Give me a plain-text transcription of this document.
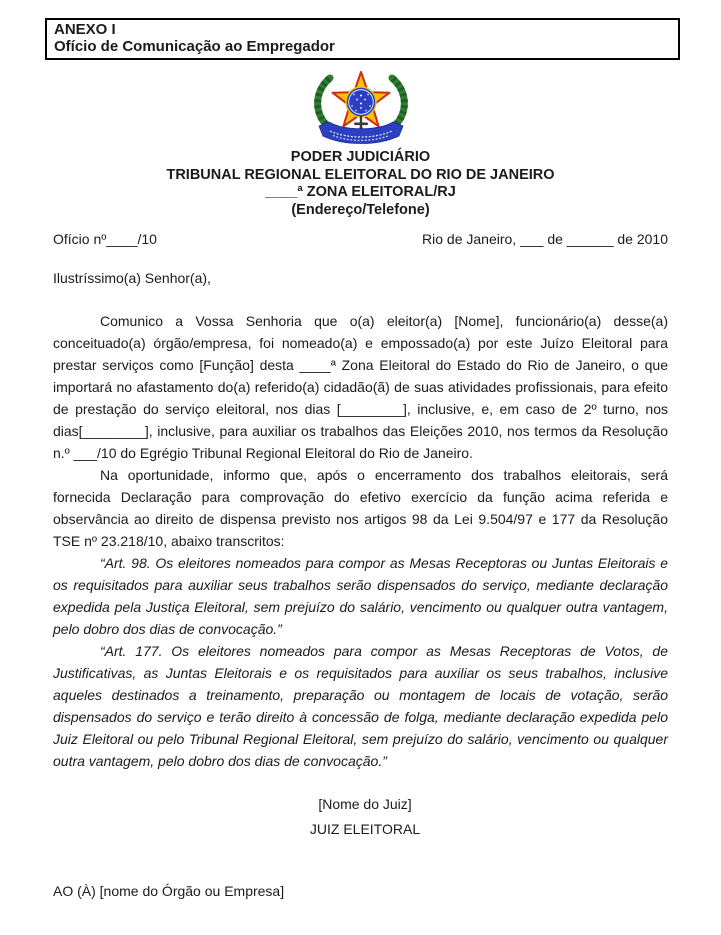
ANEXO I
Ofício de Comunicação ao Empregador
PODER JUDICIÁRIO
TRIBUNAL REGIONAL ELEITORAL DO RIO DE JANEIRO
____ª ZONA ELEITORAL/RJ
(Endereço/Telefone)
Ofício nº____/10	Rio de Janeiro, ___ de ______ de 2010
Ilustríssimo(a) Senhor(a),

Comunico a Vossa Senhoria que o(a) eleitor(a) [Nome], funcionário(a) desse(a) conceituado(a) órgão/empresa, foi nomeado(a) e empossado(a) por este Juízo Eleitoral para prestar serviços como [Função] desta ____ª Zona Eleitoral do Estado do Rio de Janeiro, o que importará no afastamento do(a) referido(a) cidadão(ã) de suas atividades profissionais, para efeito de prestação do serviço eleitoral, nos dias [________], inclusive, e, em caso de 2º turno, nos dias[________], inclusive, para auxiliar os trabalhos das Eleições 2010, nos termos da Resolução n.º ___/10 do Egrégio Tribunal Regional Eleitoral do Rio de Janeiro.

Na oportunidade, informo que, após o encerramento dos trabalhos eleitorais, será fornecida Declaração para comprovação do efetivo exercício da função acima referida e observância ao direito de dispensa previsto nos artigos 98 da Lei 9.504/97 e 177 da Resolução TSE nº 23.218/10, abaixo transcritos:

“Art. 98. Os eleitores nomeados para compor as Mesas Receptoras ou Juntas Eleitorais e os requisitados para auxiliar seus trabalhos serão dispensados do serviço, mediante declaração expedida pela Justiça Eleitoral, sem prejuízo do salário, vencimento ou qualquer outra vantagem, pelo dobro dos dias de convocação.”

“Art. 177. Os eleitores nomeados para compor as Mesas Receptoras de Votos, de Justificativas, as Juntas Eleitorais e os requisitados para auxiliar os seus trabalhos, inclusive aqueles destinados a treinamento, preparação ou montagem de locais de votação, serão dispensados do serviço e terão direito à concessão de folga, mediante declaração expedida pelo Juiz Eleitoral ou pelo Tribunal Regional Eleitoral, sem prejuízo do salário, vencimento ou qualquer outra vantagem, pelo dobro dos dias de convocação.”

[Nome do Juiz]
JUIZ ELEITORAL
AO (À) [nome do Órgão ou Empresa]
